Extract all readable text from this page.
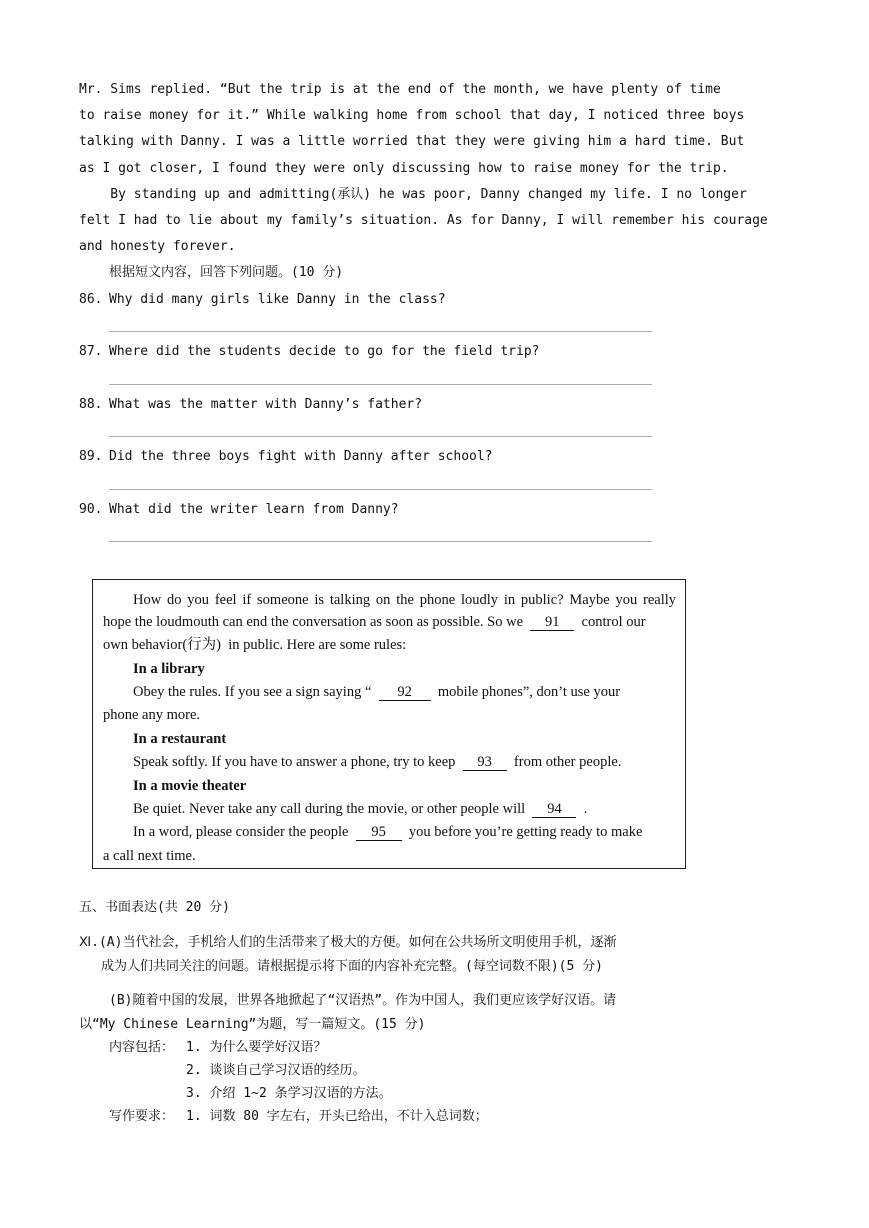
Mr. Sims replied. “But the trip is at the end of the month, we have plenty of time
to raise money for it.” While walking home from school that day, I noticed three boys
talking with Danny. I was a little worried that they were giving him a hard time. But
as I got closer, I found they were only discussing how to raise money for the trip.
By standing up and admitting(承认) he was poor, Danny changed my life. I no longer
felt I had to lie about my family’s situation. As for Danny, I will remember his courage
and honesty forever.
根据短文内容，回答下列问题。(10 分)
86. Why did many girls like Danny in the class?
87. Where did the students decide to go for the field trip?
88. What was the matter with Danny’s father?
89. Did the three boys fight with Danny after school?
90. What did the writer learn from Danny?
How do you feel if someone is talking on the phone loudly in public? Maybe you really
hope the loudmouth can end the conversation as soon as possible. So we 91 control our
own behavior(行为)  in public. Here are some rules:
In a library
Obey the rules. If you see a sign saying “ 92 mobile phones”, don’t use your
phone any more.
In a restaurant
Speak softly. If you have to answer a phone, try to keep 93 from other people.
In a movie theater
Be quiet. Never take any call during the movie, or other people will 94 .
In a word, please consider the people 95 you before you’re getting ready to make
a call next time.
五、书面表达(共 20 分)
Ⅺ.(A)当代社会，手机给人们的生活带来了极大的方便。如何在公共场所文明使用手机，逐渐
成为人们共同关注的问题。请根据提示将下面的内容补充完整。(每空词数不限)(5 分)
(B)随着中国的发展，世界各地掀起了“汉语热”。作为中国人，我们更应该学好汉语。请
以“My Chinese Learning”为题，写一篇短文。(15 分)
内容包括： 1. 为什么要学好汉语？
2. 谈谈自己学习汉语的经历。
3. 介绍 1~2 条学习汉语的方法。
写作要求： 1. 词数 80 字左右，开头已给出，不计入总词数；
